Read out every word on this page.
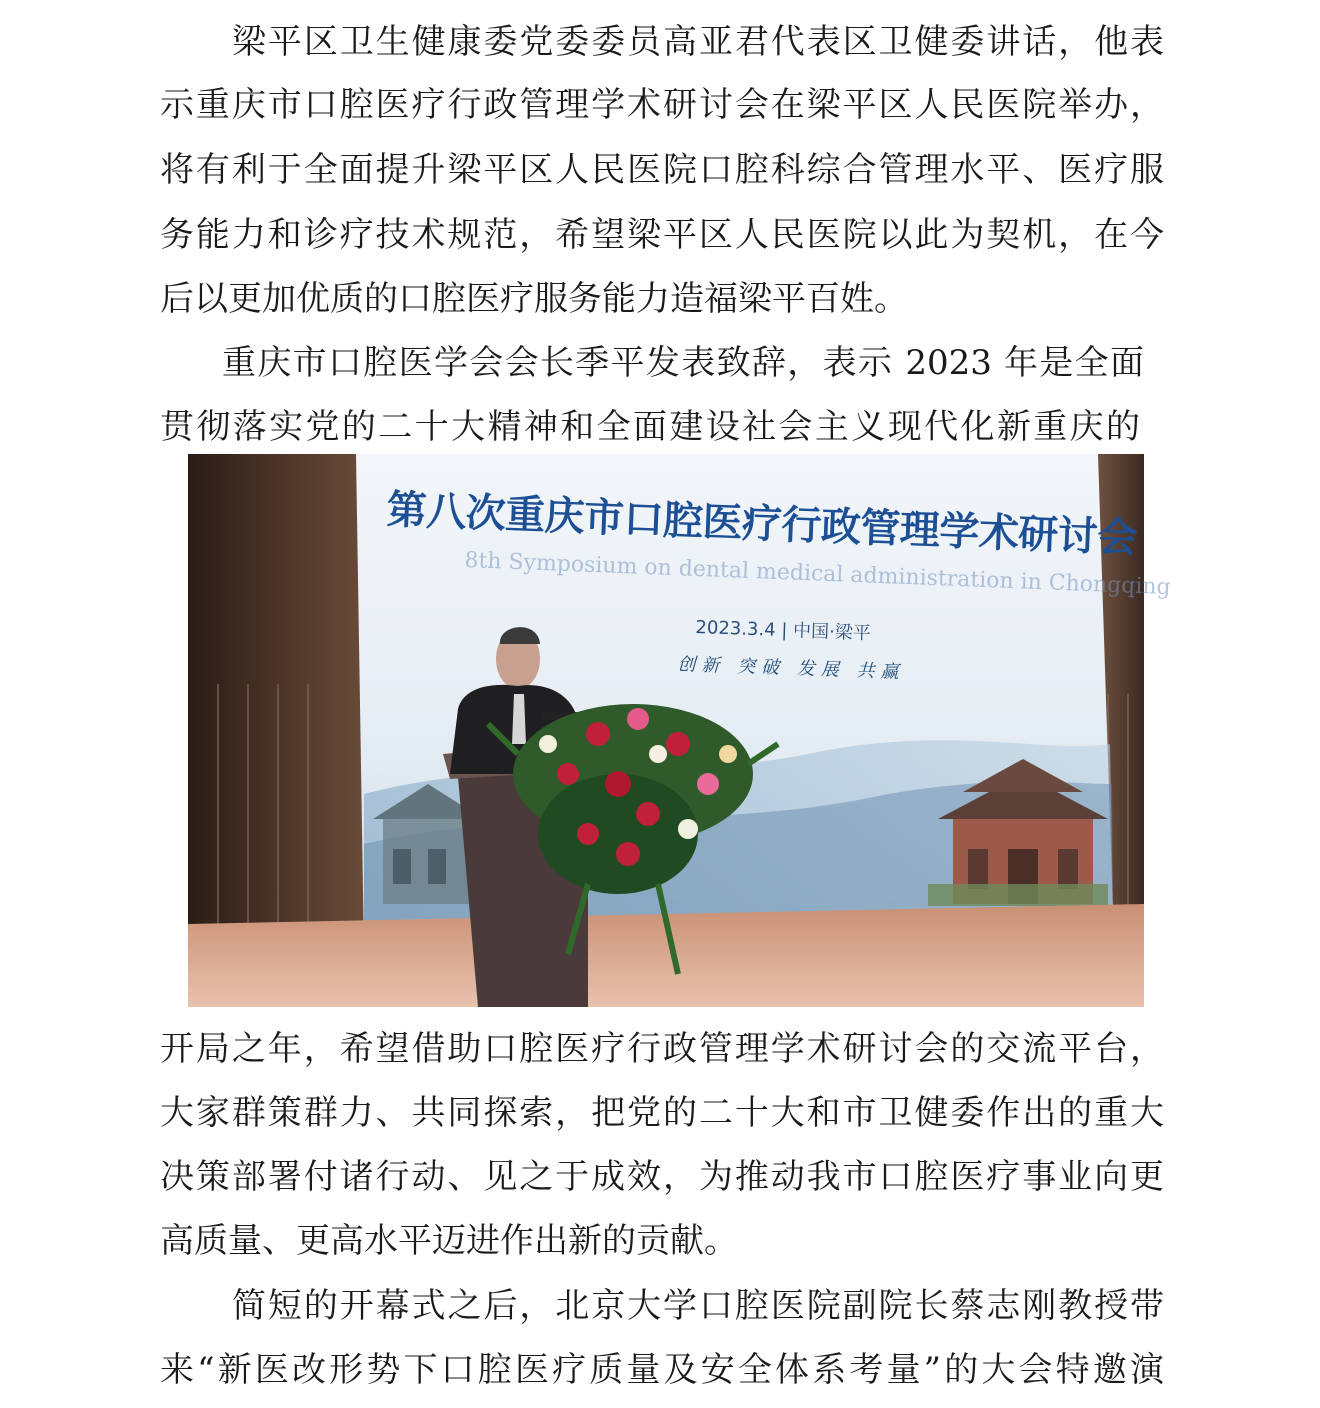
梁平区卫生健康委党委委员高亚君代表区卫健委讲话，他表
示重庆市口腔医疗行政管理学术研讨会在梁平区人民医院举办，
将有利于全面提升梁平区人民医院口腔科综合管理水平、医疗服
务能力和诊疗技术规范，希望梁平区人民医院以此为契机，在今
后以更加优质的口腔医疗服务能力造福梁平百姓。
重庆市口腔医学会会长季平发表致辞，表示 2023 年是全面
贯彻落实党的二十大精神和全面建设社会主义现代化新重庆的
第八次重庆市口腔医疗行政管理学术研讨会
8th Symposium on dental medical administration in Chongqing
2023.3.4 | 中国·梁平
创新 突破 发展 共赢
开局之年，希望借助口腔医疗行政管理学术研讨会的交流平台，
大家群策群力、共同探索，把党的二十大和市卫健委作出的重大
决策部署付诸行动、见之于成效，为推动我市口腔医疗事业向更
高质量、更高水平迈进作出新的贡献。
简短的开幕式之后，北京大学口腔医院副院长蔡志刚教授带
来“新医改形势下口腔医疗质量及安全体系考量”的大会特邀演
